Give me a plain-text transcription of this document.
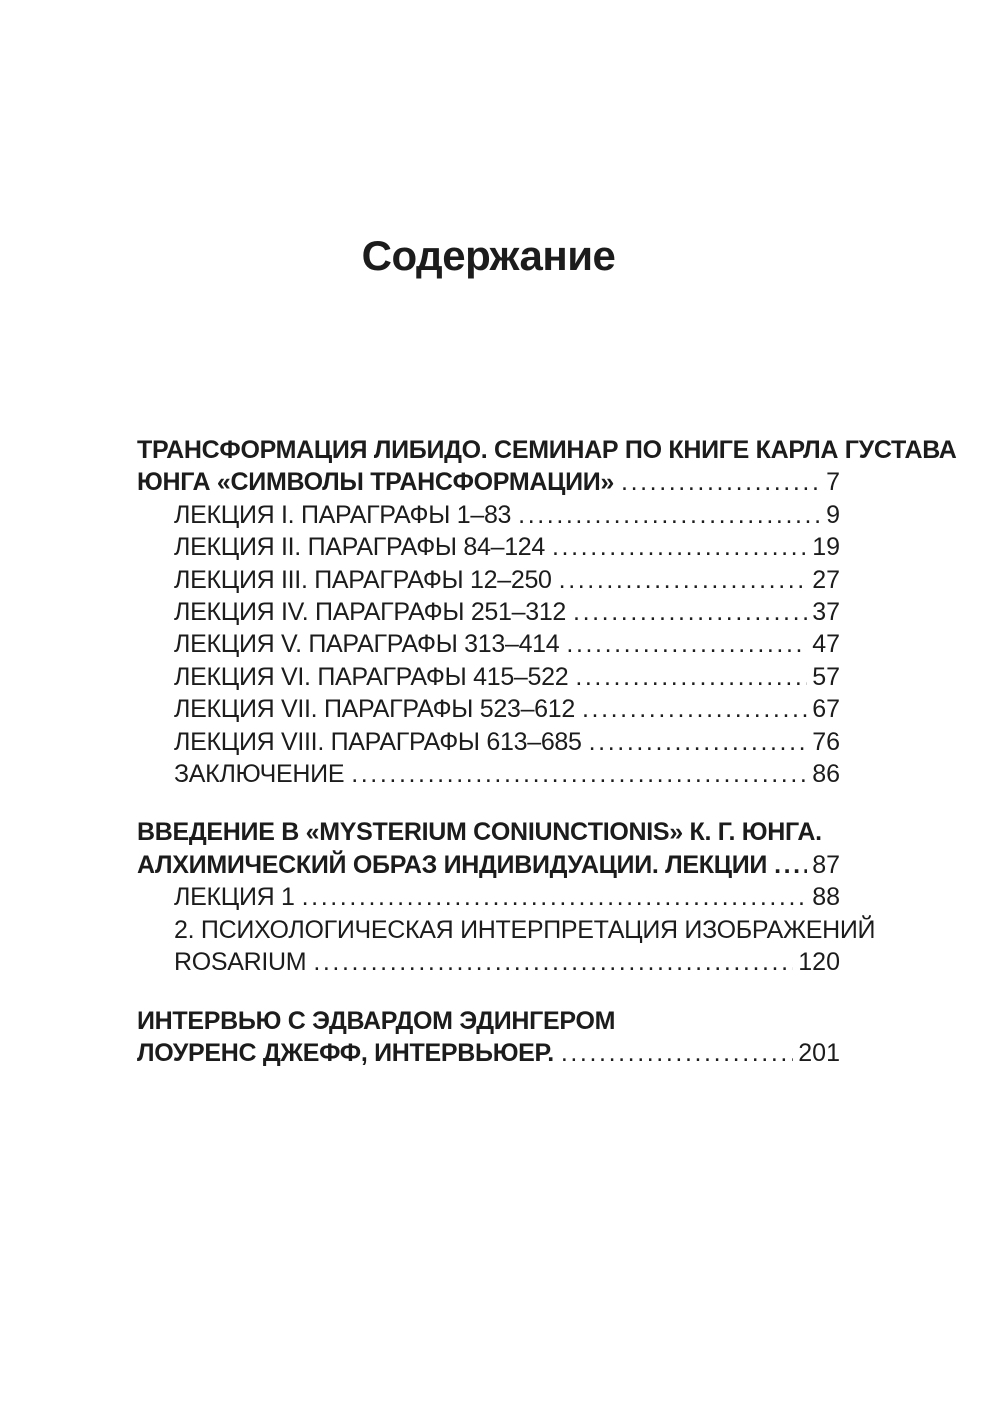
Содержание
ТРАНСФОРМАЦИЯ ЛИБИДО. СЕМИНАР ПО КНИГЕ КАРЛА ГУСТАВА
ЮНГА «СИМВОЛЫ ТРАНСФОРМАЦИИ» .....	7
ЛЕКЦИЯ I. ПАРАГРАФЫ 1–83 .....	9
ЛЕКЦИЯ II. ПАРАГРАФЫ 84–124 .....	19
ЛЕКЦИЯ III. ПАРАГРАФЫ 12–250 .....	27
ЛЕКЦИЯ IV. ПАРАГРАФЫ 251–312 .....	37
ЛЕКЦИЯ V. ПАРАГРАФЫ 313–414 .....	47
ЛЕКЦИЯ VI. ПАРАГРАФЫ 415–522 .....	57
ЛЕКЦИЯ VII. ПАРАГРАФЫ 523–612 .....	67
ЛЕКЦИЯ VIII. ПАРАГРАФЫ 613–685 .....	76
ЗАКЛЮЧЕНИЕ .....	86
ВВЕДЕНИЕ В «MYSTERIUM CONIUNCTIONIS» К. Г. ЮНГА.
АЛХИМИЧЕСКИЙ ОБРАЗ ИНДИВИДУАЦИИ. ЛЕКЦИИ ..... 87
ЛЕКЦИЯ 1 .....	88
2. ПСИХОЛОГИЧЕСКАЯ ИНТЕРПРЕТАЦИЯ ИЗОБРАЖЕНИЙ
ROSARIUM .....	120
ИНТЕРВЬЮ С ЭДВАРДОМ ЭДИНГЕРОМ
ЛОУРЕНС ДЖЕФФ, ИНТЕРВЬЮЕР. .....	201
